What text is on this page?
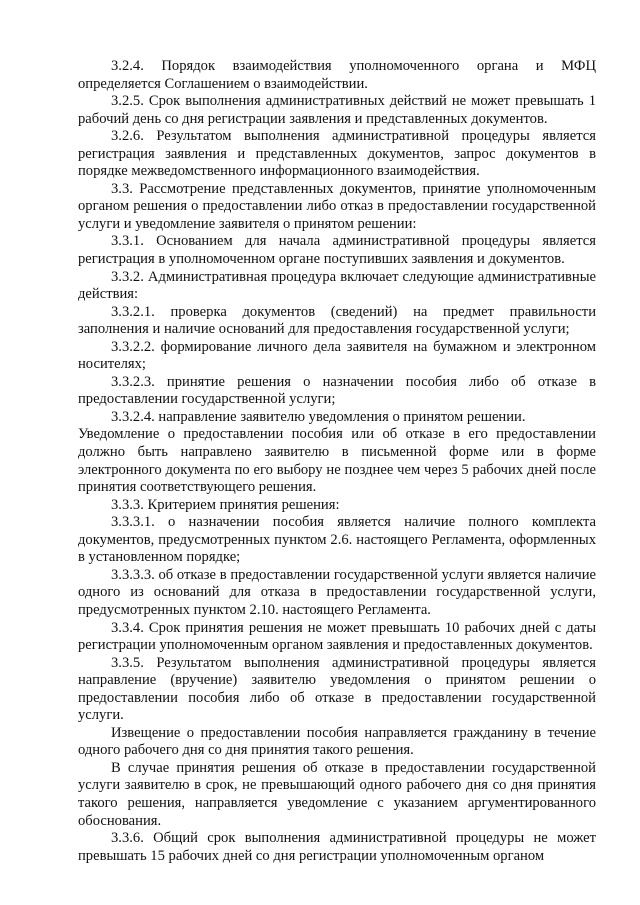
3.2.4. Порядок взаимодействия уполномоченного органа и МФЦ определяется Соглашением о взаимодействии.

3.2.5. Срок выполнения административных действий не может превышать 1 рабочий день со дня регистрации заявления и представленных документов.

3.2.6. Результатом выполнения административной процедуры является регистрация заявления и представленных документов, запрос документов в порядке межведомственного информационного взаимодействия.

3.3. Рассмотрение представленных документов, принятие уполномоченным органом решения о предоставлении либо отказ в предоставлении государственной услуги и уведомление заявителя о принятом решении:

3.3.1. Основанием для начала административной процедуры является регистрация в уполномоченном органе поступивших заявления и документов.

3.3.2. Административная процедура включает следующие административные действия:

3.3.2.1. проверка документов (сведений) на предмет правильности заполнения и наличие оснований для предоставления государственной услуги;

3.3.2.2. формирование личного дела заявителя на бумажном и электронном носителях;

3.3.2.3. принятие решения о назначении пособия либо об отказе в предоставлении государственной услуги;

3.3.2.4. направление заявителю уведомления о принятом решении.

Уведомление о предоставлении пособия или об отказе в его предоставлении должно быть направлено заявителю в письменной форме или в форме электронного документа по его выбору не позднее чем через 5 рабочих дней после принятия соответствующего решения.

3.3.3. Критерием принятия решения:

3.3.3.1. о назначении пособия является наличие полного комплекта документов, предусмотренных пунктом 2.6. настоящего Регламента, оформленных в установленном порядке;

3.3.3.3. об отказе в предоставлении государственной услуги является наличие одного из оснований для отказа в предоставлении государственной услуги, предусмотренных пунктом 2.10. настоящего Регламента.

3.3.4. Срок принятия решения не может превышать 10 рабочих дней с даты регистрации уполномоченным органом заявления и предоставленных документов.

3.3.5. Результатом выполнения административной процедуры является направление (вручение) заявителю уведомления о принятом решении о предоставлении пособия либо об отказе в предоставлении государственной услуги.

Извещение о предоставлении пособия направляется гражданину в течение одного рабочего дня со дня принятия такого решения.

В случае принятия решения об отказе в предоставлении государственной услуги заявителю в срок, не превышающий одного рабочего дня со дня принятия такого решения, направляется уведомление с указанием аргументированного обоснования.

3.3.6. Общий срок выполнения административной процедуры не может превышать 15 рабочих дней со дня регистрации уполномоченным органом
